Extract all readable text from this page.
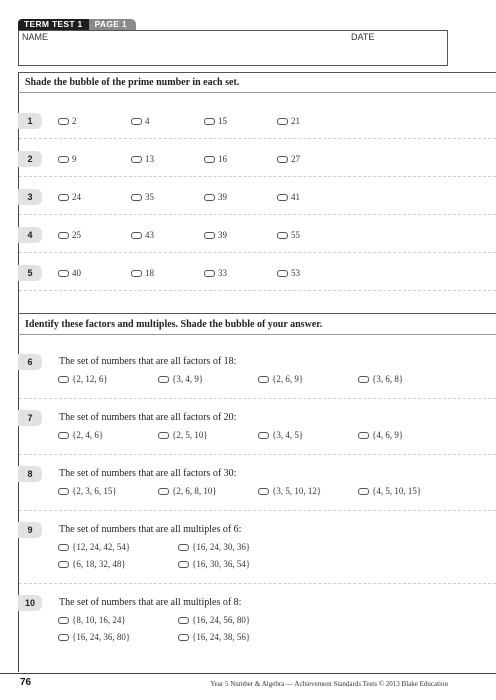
TERM TEST 1	PAGE 1
NAME	DATE
Shade the bubble of the prime number in each set.
1	2	4	15	21
2	9	13	16	27
3	24	35	39	41
4	25	43	39	55
5	40	18	33	53
Identify these factors and multiples. Shade the bubble of your answer.
6	The set of numbers that are all factors of 18:
{2, 12, 6}	{3, 4, 9}	{2, 6, 9}	{3, 6, 8}
7	The set of numbers that are all factors of 20:
{2, 4, 6}	{2, 5, 10}	{3, 4, 5}	{4, 6, 9}
8	The set of numbers that are all factors of 30:
{2, 3, 6, 15}	{2, 6, 8, 10}	{3, 5, 10, 12}	{4, 5, 10, 15}
9	The set of numbers that are all multiples of 6:
{12, 24, 42, 54}	{16, 24, 30, 36}
{6, 18, 32, 48}	{16, 30, 36, 54}
10	The set of numbers that are all multiples of 8:
{8, 10, 16, 24}	{16, 24, 56, 80}
{16, 24, 36, 80}	{16, 24, 38, 56}
76	Year 5 Number & Algebra — Achievement Standards Tests © 2013 Blake Education
